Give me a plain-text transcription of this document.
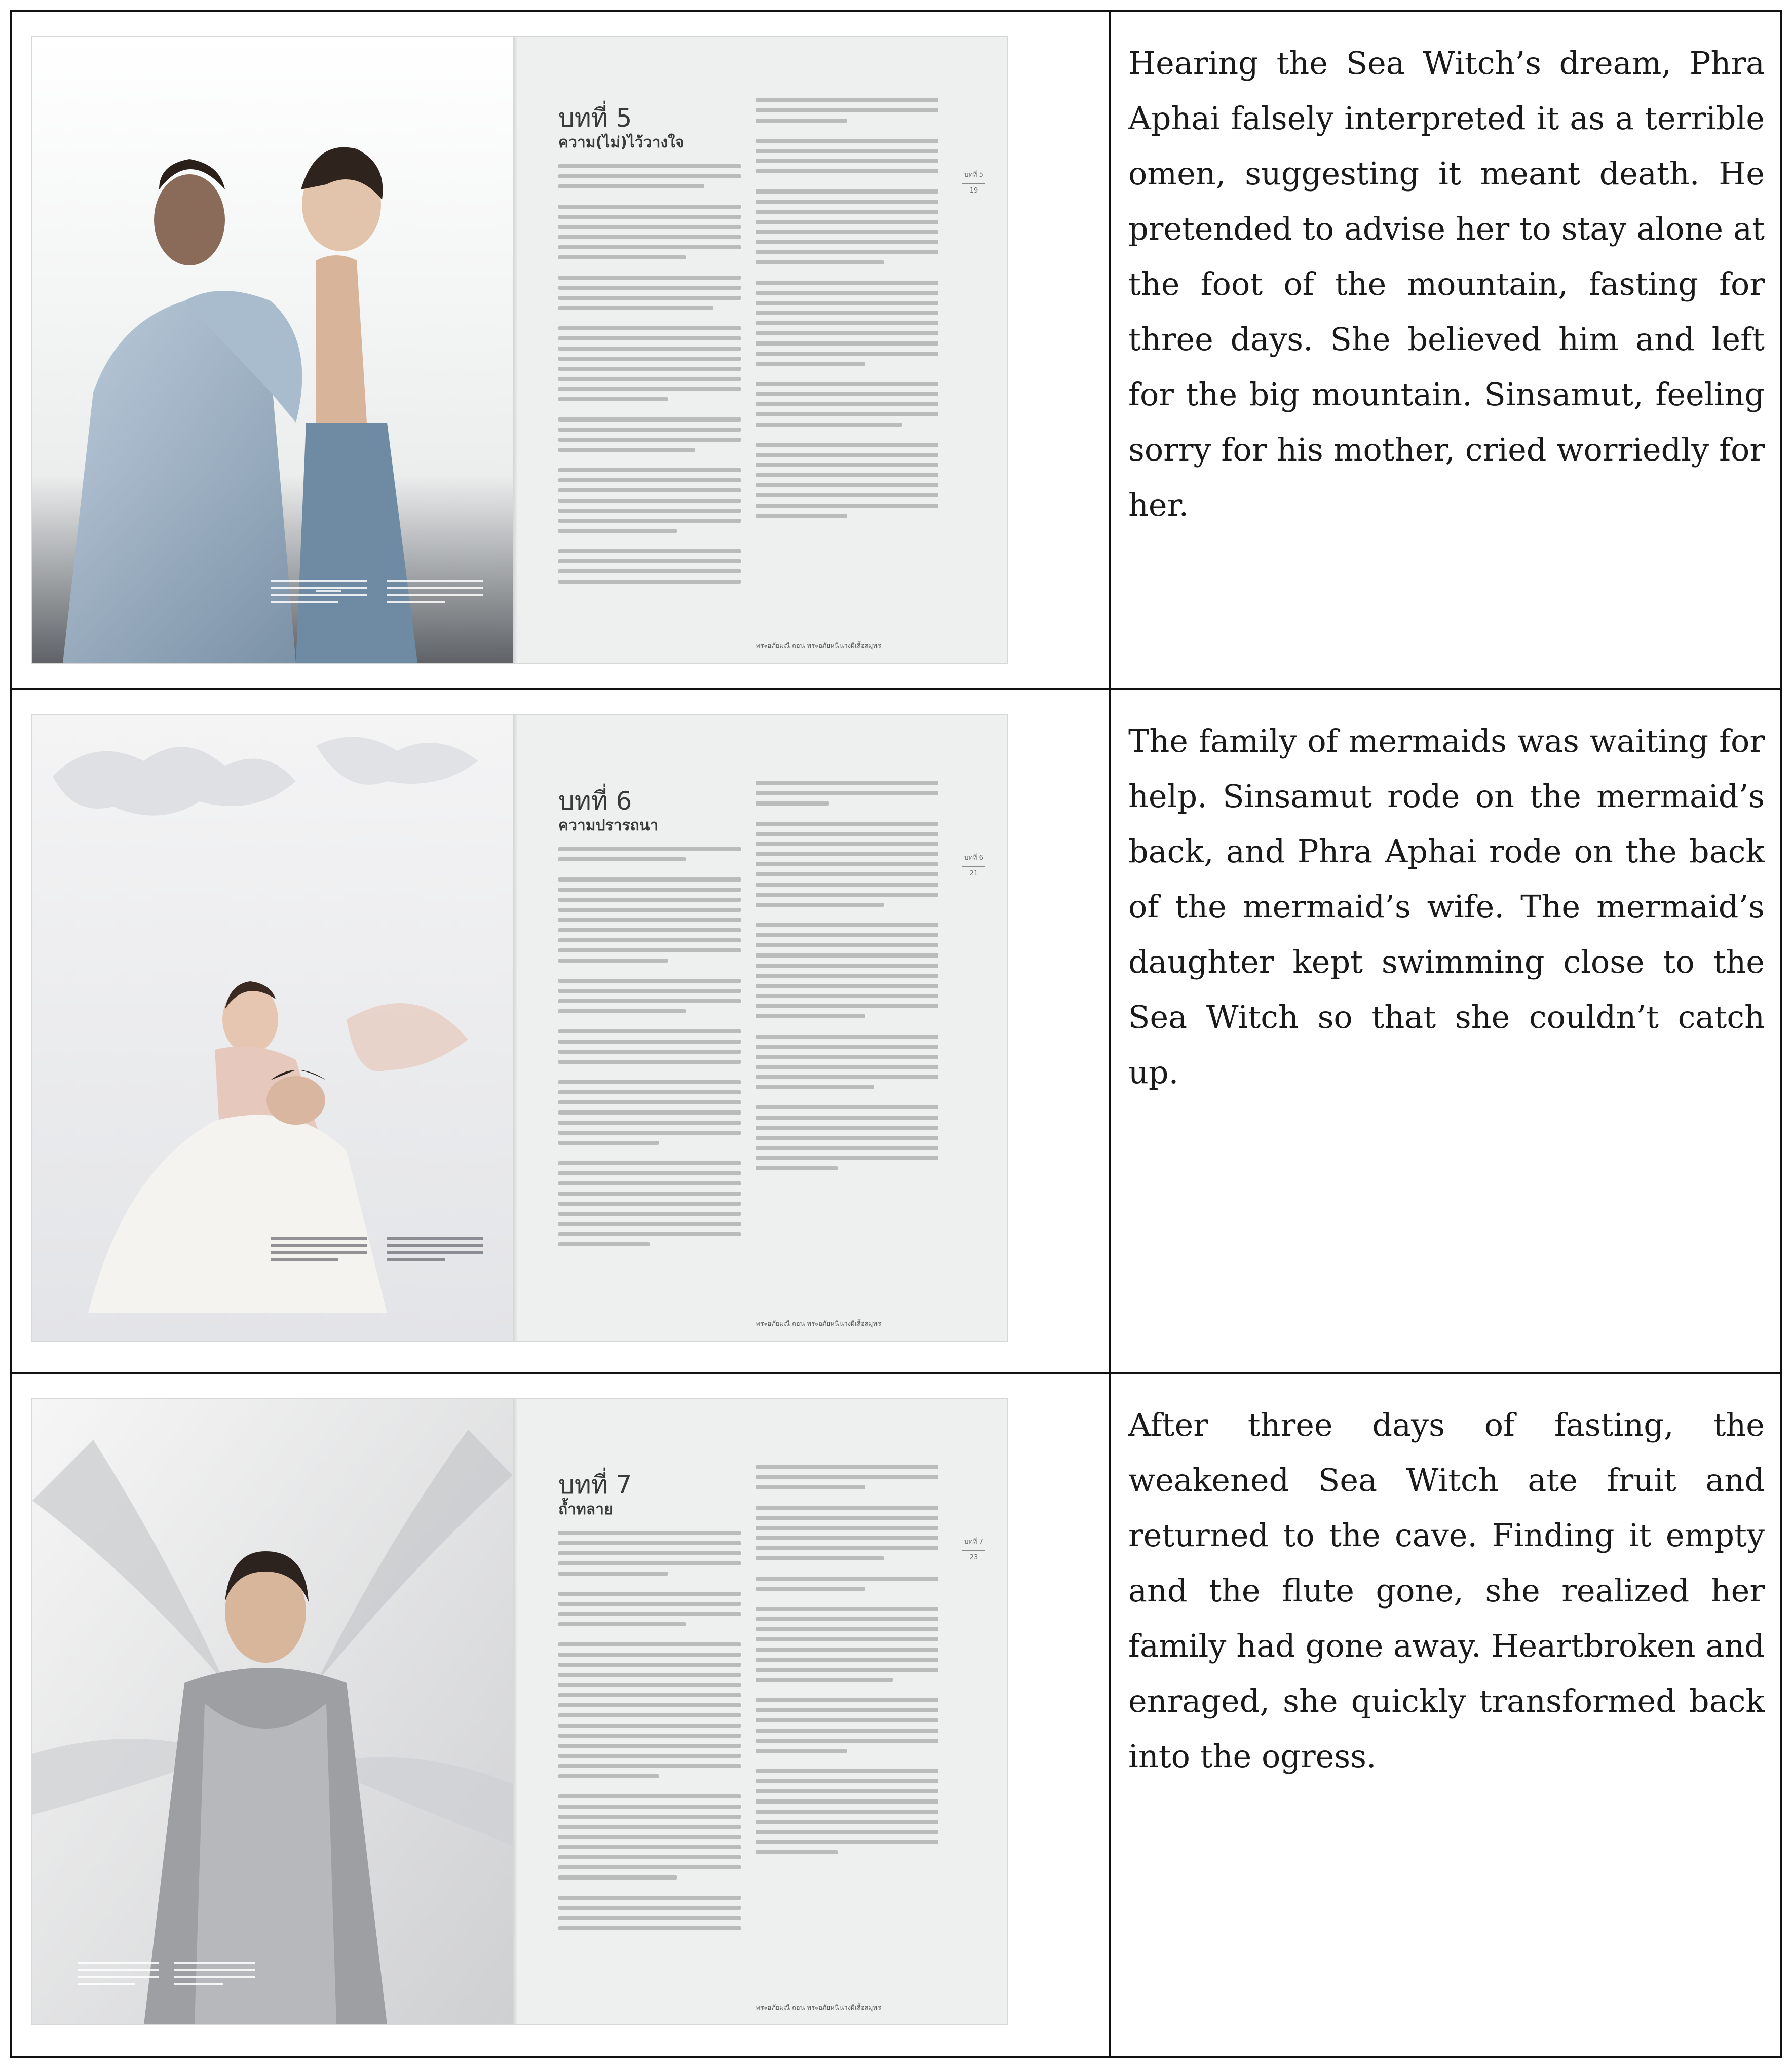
บทที่ 5
ความ(ไม่)ไว้วางใจ
บทที่ 5
19
พระอภัยมณี ตอน พระอภัยหนีนางผีเสื้อสมุทร

Hearing the Sea Witch’s dream, Phra Aphai falsely interpreted it as a terrible omen, suggesting it meant death. He pretended to advise her to stay alone at the foot of the mountain, fasting for three days. She believed him and left for the big mountain. Sinsamut, feeling sorry for his mother, cried worriedly for her.

บทที่ 6
ความปรารถนา
บทที่ 6
21
พระอภัยมณี ตอน พระอภัยหนีนางผีเสื้อสมุทร

The family of mermaids was waiting for help. Sinsamut rode on the mermaid’s back, and Phra Aphai rode on the back of the mermaid’s wife. The mermaid’s daughter kept swimming close to the Sea Witch so that she couldn’t catch up.

บทที่ 7
ถ้ำทลาย
บทที่ 7
23
พระอภัยมณี ตอน พระอภัยหนีนางผีเสื้อสมุทร

After three days of fasting, the weakened Sea Witch ate fruit and returned to the cave. Finding it empty and the flute gone, she realized her family had gone away. Heartbroken and enraged, she quickly transformed back into the ogress.
